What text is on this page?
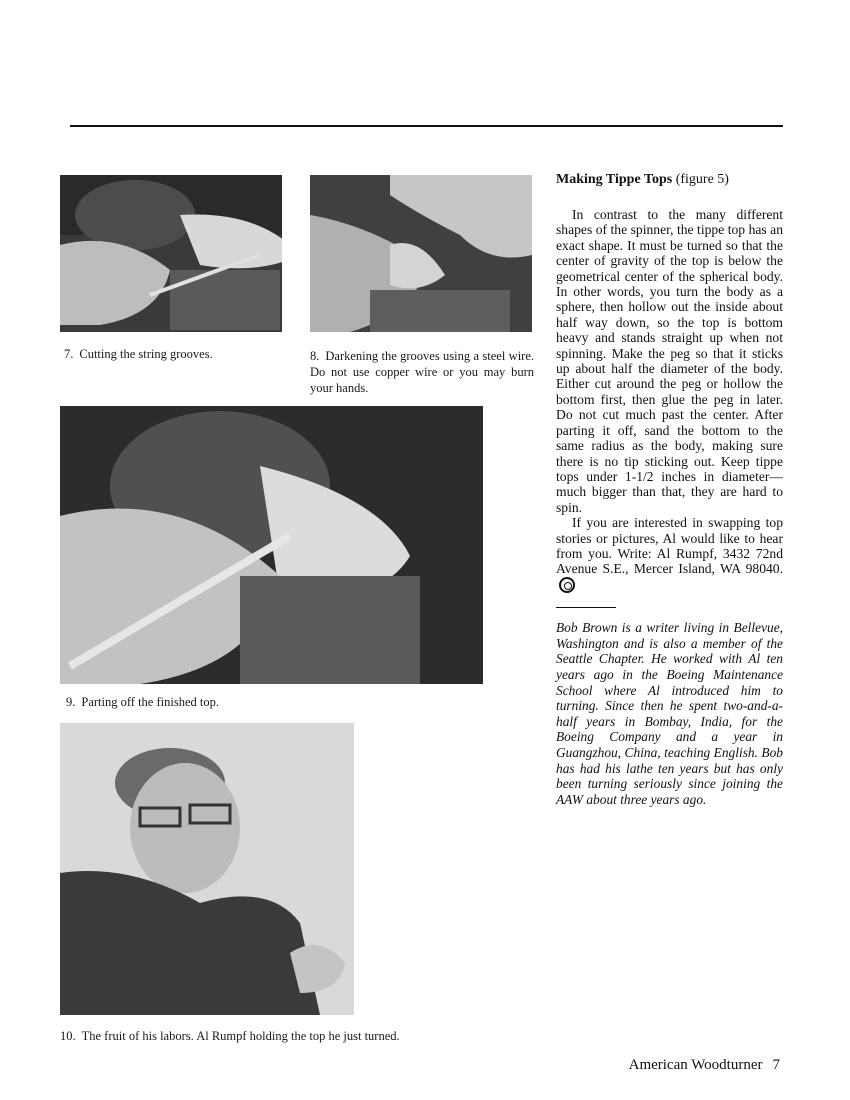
7. Cutting the string grooves.	8. Darkening the grooves using a steel wire. Do not use copper wire or you may burn your hands.
9. Parting off the finished top.
10. The fruit of his labors. Al Rumpf holding the top he just turned.
Making Tippe Tops (figure 5)

In contrast to the many different shapes of the spinner, the tippe top has an exact shape. It must be turned so that the center of gravity of the top is below the geometrical center of the spherical body. In other words, you turn the body as a sphere, then hollow out the inside about half way down, so the top is bottom heavy and stands straight up when not spinning. Make the peg so that it sticks up about half the diameter of the body. Either cut around the peg or hollow the bottom first, then glue the peg in later. Do not cut much past the center. After parting it off, sand the bottom to the same radius as the body, making sure there is no tip sticking out. Keep tippe tops under 1-1/2 inches in diameter—much bigger than that, they are hard to spin.

If you are interested in swapping top stories or pictures, Al would like to hear from you. Write: Al Rumpf, 3432 72nd Avenue S.E., Mercer Island, WA 98040.

Bob Brown is a writer living in Bellevue, Washington and is also a member of the Seattle Chapter. He worked with Al ten years ago in the Boeing Maintenance School where Al introduced him to turning. Since then he spent two-and-a-half years in Bombay, India, for the Boeing Company and a year in Guangzhou, China, teaching English. Bob has had his lathe ten years but has only been turning seriously since joining the AAW about three years ago.

American Woodturner 7
